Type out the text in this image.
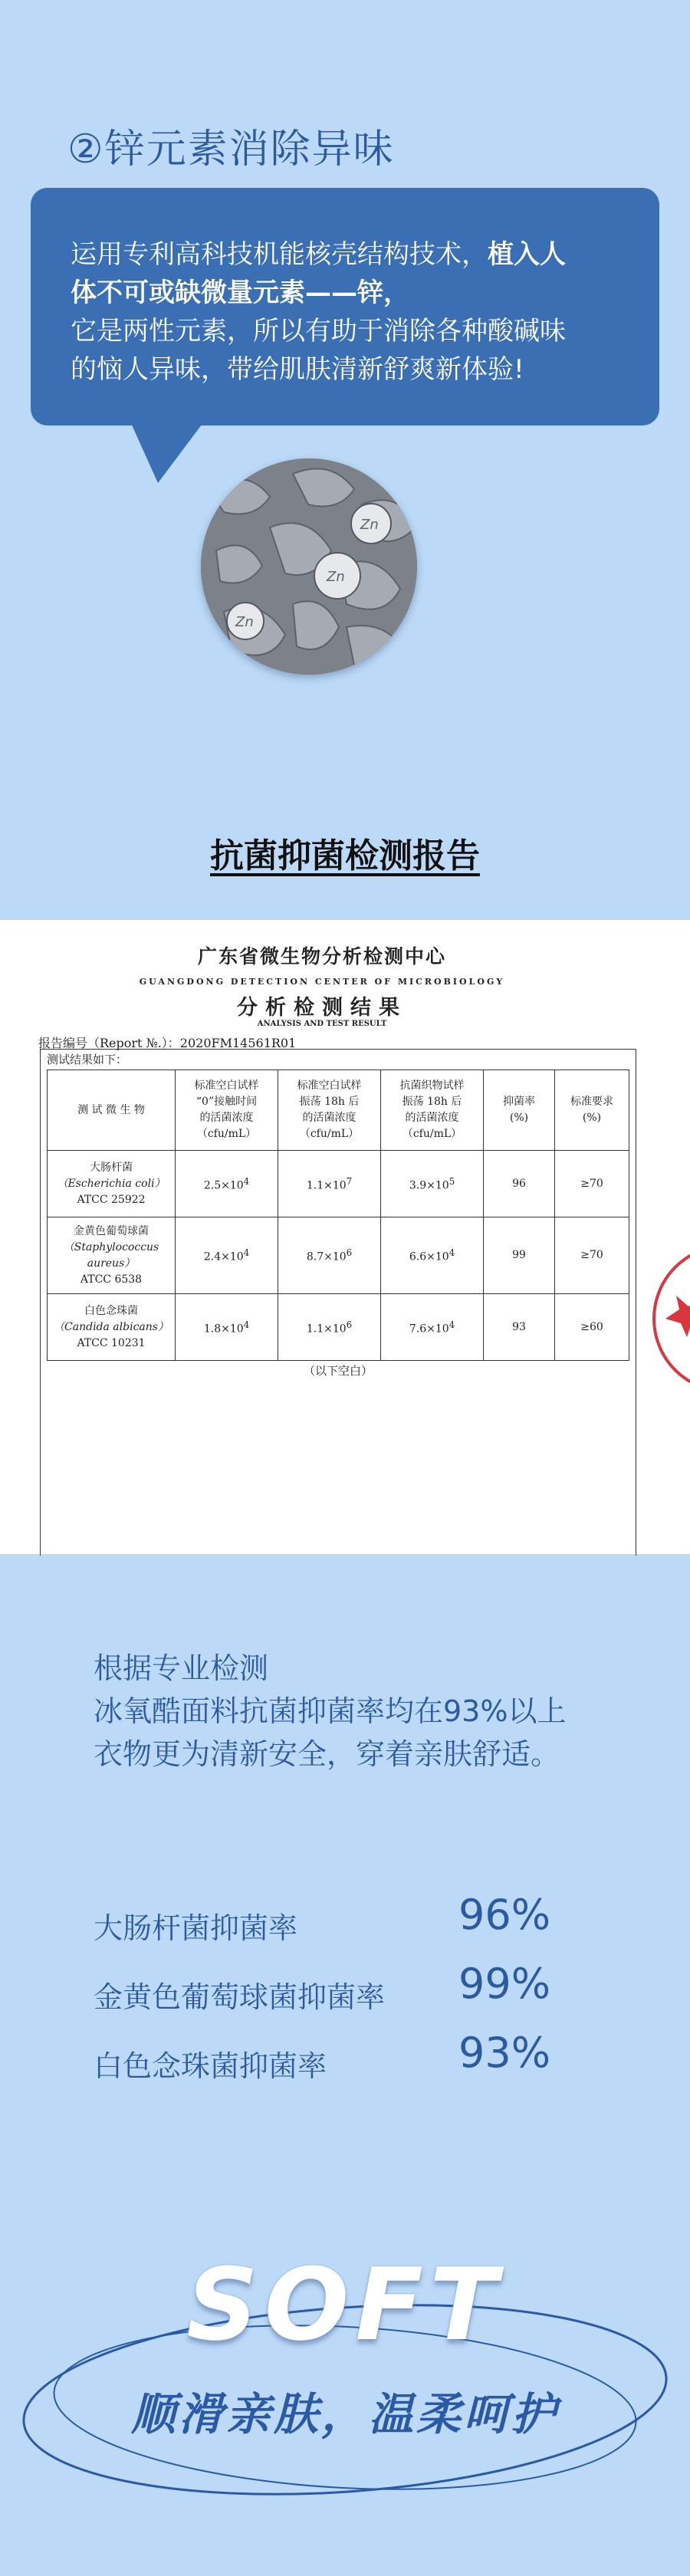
②锌元素消除异味
运用专利高科技机能核壳结构技术，植入人
体不可或缺微量元素——锌，
它是两性元素，所以有助于消除各种酸碱味
的恼人异味，带给肌肤清新舒爽新体验!
Zn
Zn
Zn
抗菌抑菌检测报告
广东省微生物分析检测中心
GUANGDONG DETECTION CENTER OF MICROBIOLOGY
分析检测结果
ANALYSIS AND TEST RESULT
报告编号（Report №.）：2020FM14561R01
测试结果如下：
测 试 微 生 物	标准空白试样
“0”接触时间
的活菌浓度
（cfu/mL）	标准空白试样
振荡 18h 后
的活菌浓度
（cfu/mL）	抗菌织物试样
振荡 18h 后
的活菌浓度
（cfu/mL）	抑菌率
(%)	标准要求
(%)
大肠杆菌
（Escherichia coli）
ATCC 25922	$2.5\times 10^4$	$1.1\times 10^7$	$3.9\times 10^5$	96	≥70
金黄色葡萄球菌
（Staphylococcus
aureus）
ATCC 6538	$2.4\times 10^4$	$8.7\times 10^6$	$6.6\times 10^4$	99	≥70
白色念珠菌
（Candida albicans）
ATCC 10231	$1.8\times 10^4$	$1.1\times 10^6$	$7.6\times 10^4$	93	≥60
（以下空白）
根据专业检测
冰氧酷面料抗菌抑菌率均在93%以上
衣物更为清新安全，穿着亲肤舒适。
大肠杆菌抑菌率	96%
金黄色葡萄球菌抑菌率 99%
白色念珠菌抑菌率	93%
SOFT
顺滑亲肤，温柔呵护
